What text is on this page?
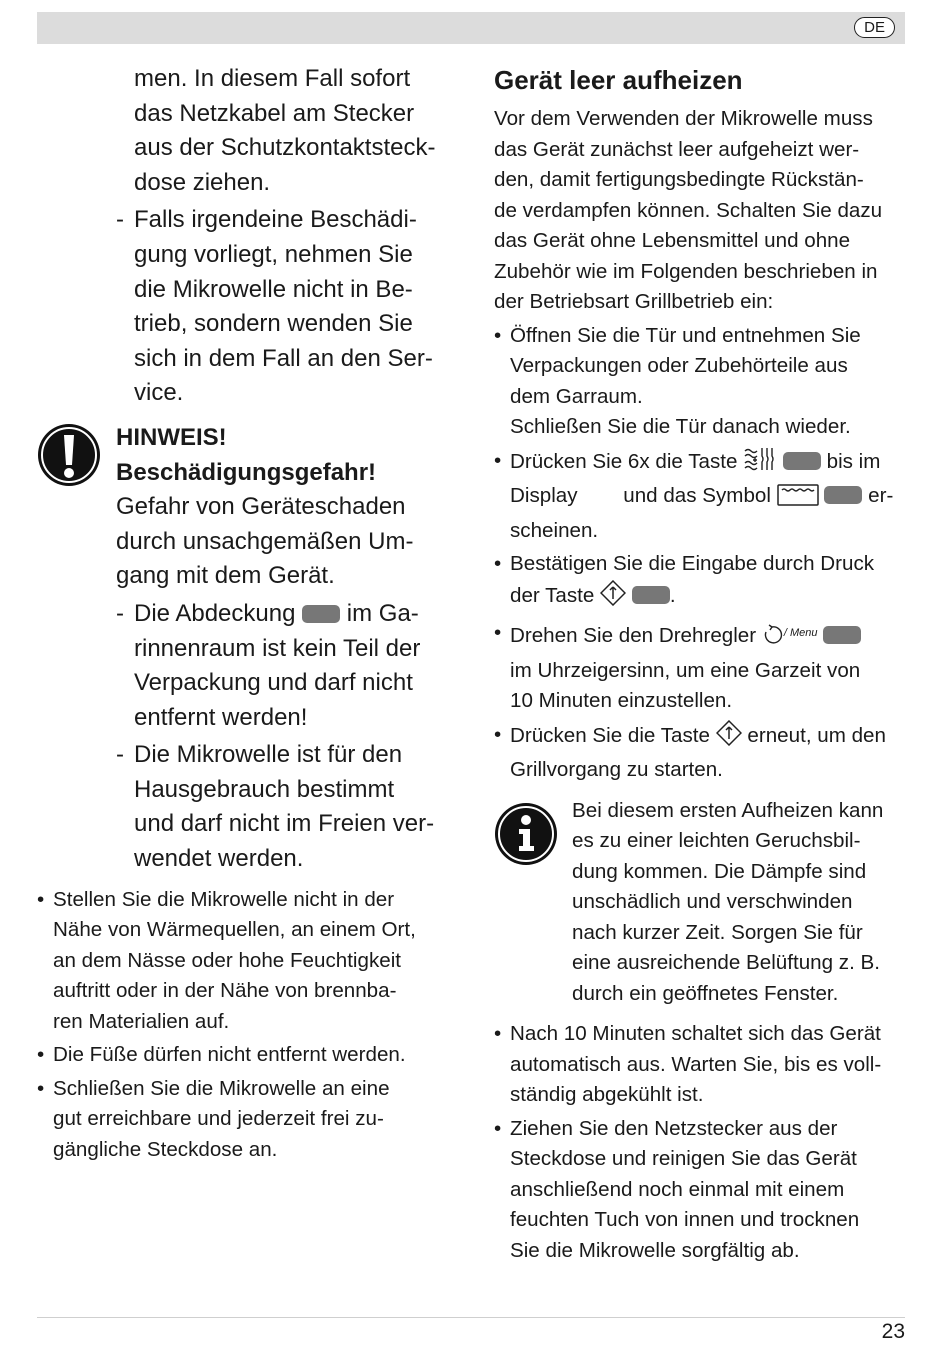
DE
men. In diesem Fall sofort
das Netzkabel am Stecker
aus der Schutzkontaktsteck-
dose ziehen.
- Falls irgendeine Beschädi-
gung vorliegt, nehmen Sie
die Mikrowelle nicht in Be-
trieb, sondern wenden Sie
sich in dem Fall an den Ser-
vice.
HINWEIS!
Beschädigungsgefahr!
Gefahr von Geräteschaden
durch unsachgemäßen Um-
gang mit dem Gerät.
- Die Abdeckung im Ga-
rinnenraum ist kein Teil der
Verpackung und darf nicht
entfernt werden!
- Die Mikrowelle ist für den
Hausgebrauch bestimmt
und darf nicht im Freien ver-
wendet werden.
• Stellen Sie die Mikrowelle nicht in der
Nähe von Wärmequellen, an einem Ort,
an dem Nässe oder hohe Feuchtigkeit
auftritt oder in der Nähe von brennba-
ren Materialien auf.
• Die Füße dürfen nicht entfernt werden.
• Schließen Sie die Mikrowelle an eine
gut erreichbare und jederzeit frei zu-
gängliche Steckdose an.
Gerät leer aufheizen
Vor dem Verwenden der Mikrowelle muss
das Gerät zunächst leer aufgeheizt wer-
den, damit fertigungsbedingte Rückstän-
de verdampfen können. Schalten Sie dazu
das Gerät ohne Lebensmittel und ohne
Zubehör wie im Folgenden beschrieben in
der Betriebsart Grillbetrieb ein:
• Öffnen Sie die Tür und entnehmen Sie
Verpackungen oder Zubehörteile aus
dem Garraum.
Schließen Sie die Tür danach wieder.
• Drücken Sie 6x die Taste	bis im
Display und das Symbol	er-
scheinen.
• Bestätigen Sie die Eingabe durch Druck
der Taste	.
• Drehen Sie den Drehregler	$^{/ Menu}$
im Uhrzeigersinn, um eine Garzeit von
10 Minuten einzustellen.
• Drücken Sie die Taste erneut, um den
Grillvorgang zu starten.
Bei diesem ersten Aufheizen kann
es zu einer leichten Geruchsbil-
dung kommen. Die Dämpfe sind
unschädlich und verschwinden
nach kurzer Zeit. Sorgen Sie für
eine ausreichende Belüftung z. B.
durch ein geöffnetes Fenster.
• Nach 10 Minuten schaltet sich das Gerät
automatisch aus. Warten Sie, bis es voll-
ständig abgekühlt ist.
• Ziehen Sie den Netzstecker aus der
Steckdose und reinigen Sie das Gerät
anschließend noch einmal mit einem
feuchten Tuch von innen und trocknen
Sie die Mikrowelle sorgfältig ab.
23
